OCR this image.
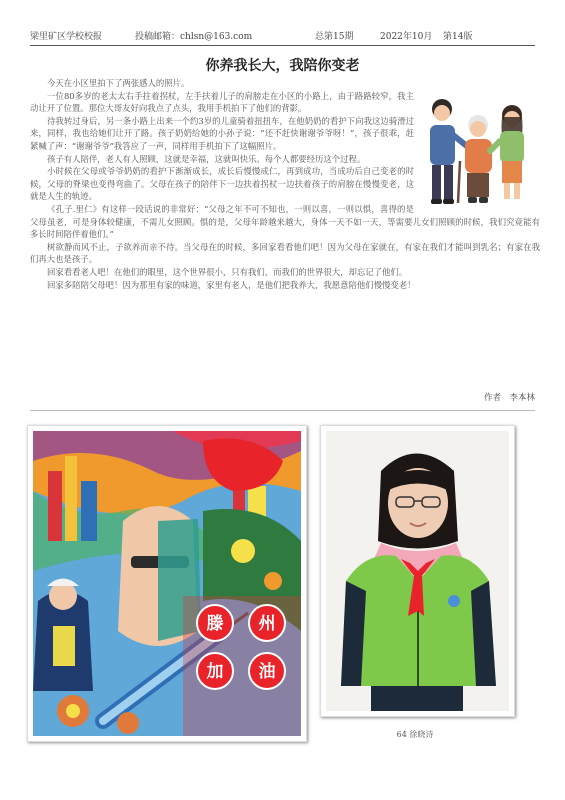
梁里矿区学校校报	投稿邮箱：chlsn@163.com	总第15期	2022年10月 第14版
你养我长大，我陪你变老

今天在小区里拍下了两张感人的照片。

一位80多岁的老太太右手拄着拐杖，左手扶着儿子的肩膀走在小区的小路上，由于路路较窄，我主动让开了位置。那位大哥友好向我点了点头，我用手机拍下了他们的背影。

待我转过身后，另一条小路上出来一个约3岁的儿童骑着扭扭车，在他奶奶的看护下向我这边骑滑过来，同样，我也给她们让开了路。孩子奶奶给她的小孙子说：“还不赶快谢谢爷爷呀！”，孩子很乖，赶紧喊了声：“谢谢爷爷”我答应了一声，同样用手机拍下了这幅照片。

孩子有人陪伴，老人有人照顾，这就是幸福，这就叫快乐。每个人都要经历这个过程。

小时候在父母或爷爷奶奶的看护下渐渐成长，成长后慢慢成仁，再到成功，当成功后自己变老的时候，父母的脊梁也变得弯曲了。父母在孩子的陪伴下一边扶着拐杖一边扶着孩子的肩膀在慢慢变老，这就是人生的轨迹。

《孔子.里仁》有这样一段话说的非常好：“父母之年不可不知也，一则以喜，一则以惧，喜得的是父母虽老，可是身体较健康，不需儿女照顾。惧的是，父母年龄越来越大，身体一天不如一天，等需要儿女们照顾的时候，我们究竟能有多长时间陪伴着他们。”

树欲静而风不止，子欲养而亲不待。当父母在的时候，多回家看看他们吧！因为父母在家就在，有家在我们才能叫到乳名；有家在我们再大也是孩子。

回家看看老人吧！在他们的眼里，这个世界很小，只有我们，而我们的世界很大，却忘记了他们。

回家多陪陪父母吧！因为那里有家的味道，家里有老人，是他们把我养大，我愿意陪他们慢慢变老！

作者　李本林
滕 州
加 油
64 徐晓诗
